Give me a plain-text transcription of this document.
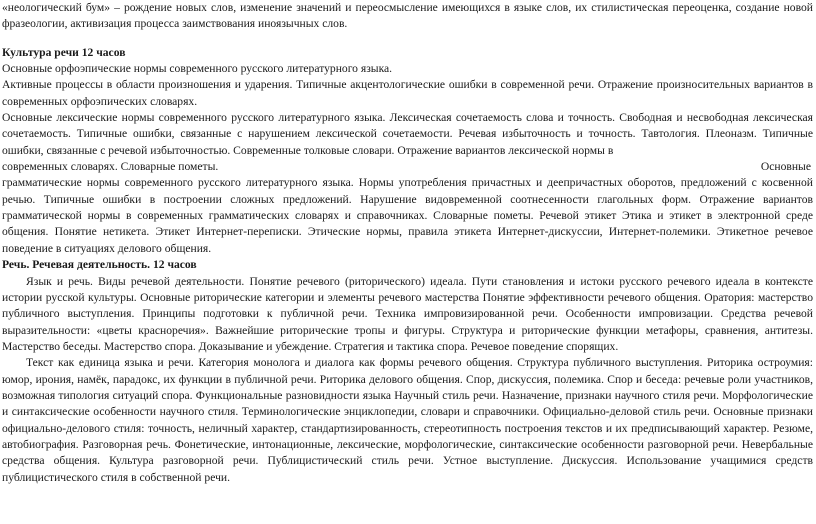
«неологический бум» – рождение новых слов, изменение значений и переосмысление имеющихся в языке слов, их стилистическая переоценка, создание новой фразеологии, активизация процесса заимствования иноязычных слов.

Культура речи 12 часов

Основные орфоэпические нормы современного русского литературного языка.

Активные процессы в области произношения и ударения. Типичные акцентологические ошибки в современной речи. Отражение произносительных вариантов в современных орфоэпических словарях.

Основные лексические нормы современного русского литературного языка. Лексическая сочетаемость слова и точность. Свободная и несвободная лексическая сочетаемость. Типичные ошибки, связанные с нарушением лексической сочетаемости. Речевая избыточность и точность. Тавтология. Плеоназм. Типичные ошибки, связанные с речевой избыточностью. Современные толковые словари. Отражение вариантов лексической нормы в

современных словарях. Словарные пометы.	Основные

грамматические нормы современного русского литературного языка. Нормы употребления причастных и деепричастных оборотов, предложений с косвенной речью. Типичные ошибки в построении сложных предложений. Нарушение видовременной соотнесенности глагольных форм. Отражение вариантов грамматической нормы в современных грамматических словарях и справочниках. Словарные пометы. Речевой этикет Этика и этикет в электронной среде общения. Понятие нетикета. Этикет Интернет-переписки. Этические нормы, правила этикета Интернет-дискуссии, Интернет-полемики. Этикетное речевое поведение в ситуациях делового общения.

Речь. Речевая деятельность. 12 часов

Язык и речь. Виды речевой деятельности. Понятие речевого (риторического) идеала. Пути становления и истоки русского речевого идеала в контексте истории русской культуры. Основные риторические категории и элементы речевого мастерства Понятие эффективности речевого общения. Оратория: мастерство публичного выступления. Принципы подготовки к публичной речи. Техника импровизированной речи. Особенности импровизации. Средства речевой выразительности: «цветы красноречия». Важнейшие риторические тропы и фигуры. Структура и риторические функции метафоры, сравнения, антитезы. Мастерство беседы. Мастерство спора. Доказывание и убеждение. Стратегия и тактика спора. Речевое поведение спорящих.

Текст как единица языка и речи. Категория монолога и диалога как формы речевого общения. Структура публичного выступления. Риторика остроумия: юмор, ирония, намёк, парадокс, их функции в публичной речи. Риторика делового общения. Спор, дискуссия, полемика. Спор и беседа: речевые роли участников, возможная типология ситуаций спора. Функциональные разновидности языка Научный стиль речи. Назначение, признаки научного стиля речи. Морфологические и синтаксические особенности научного стиля. Терминологические энциклопедии, словари и справочники. Официально-деловой стиль речи. Основные признаки официально-делового стиля: точность, неличный характер, стандартизированность, стереотипность построения текстов и их предписывающий характер. Резюме, автобиография. Разговорная речь. Фонетические, интонационные, лексические, морфологические, синтаксические особенности разговорной речи. Невербальные средства общения. Культура разговорной речи. Публицистический стиль речи. Устное выступление. Дискуссия. Использование учащимися средств публицистического стиля в собственной речи.
